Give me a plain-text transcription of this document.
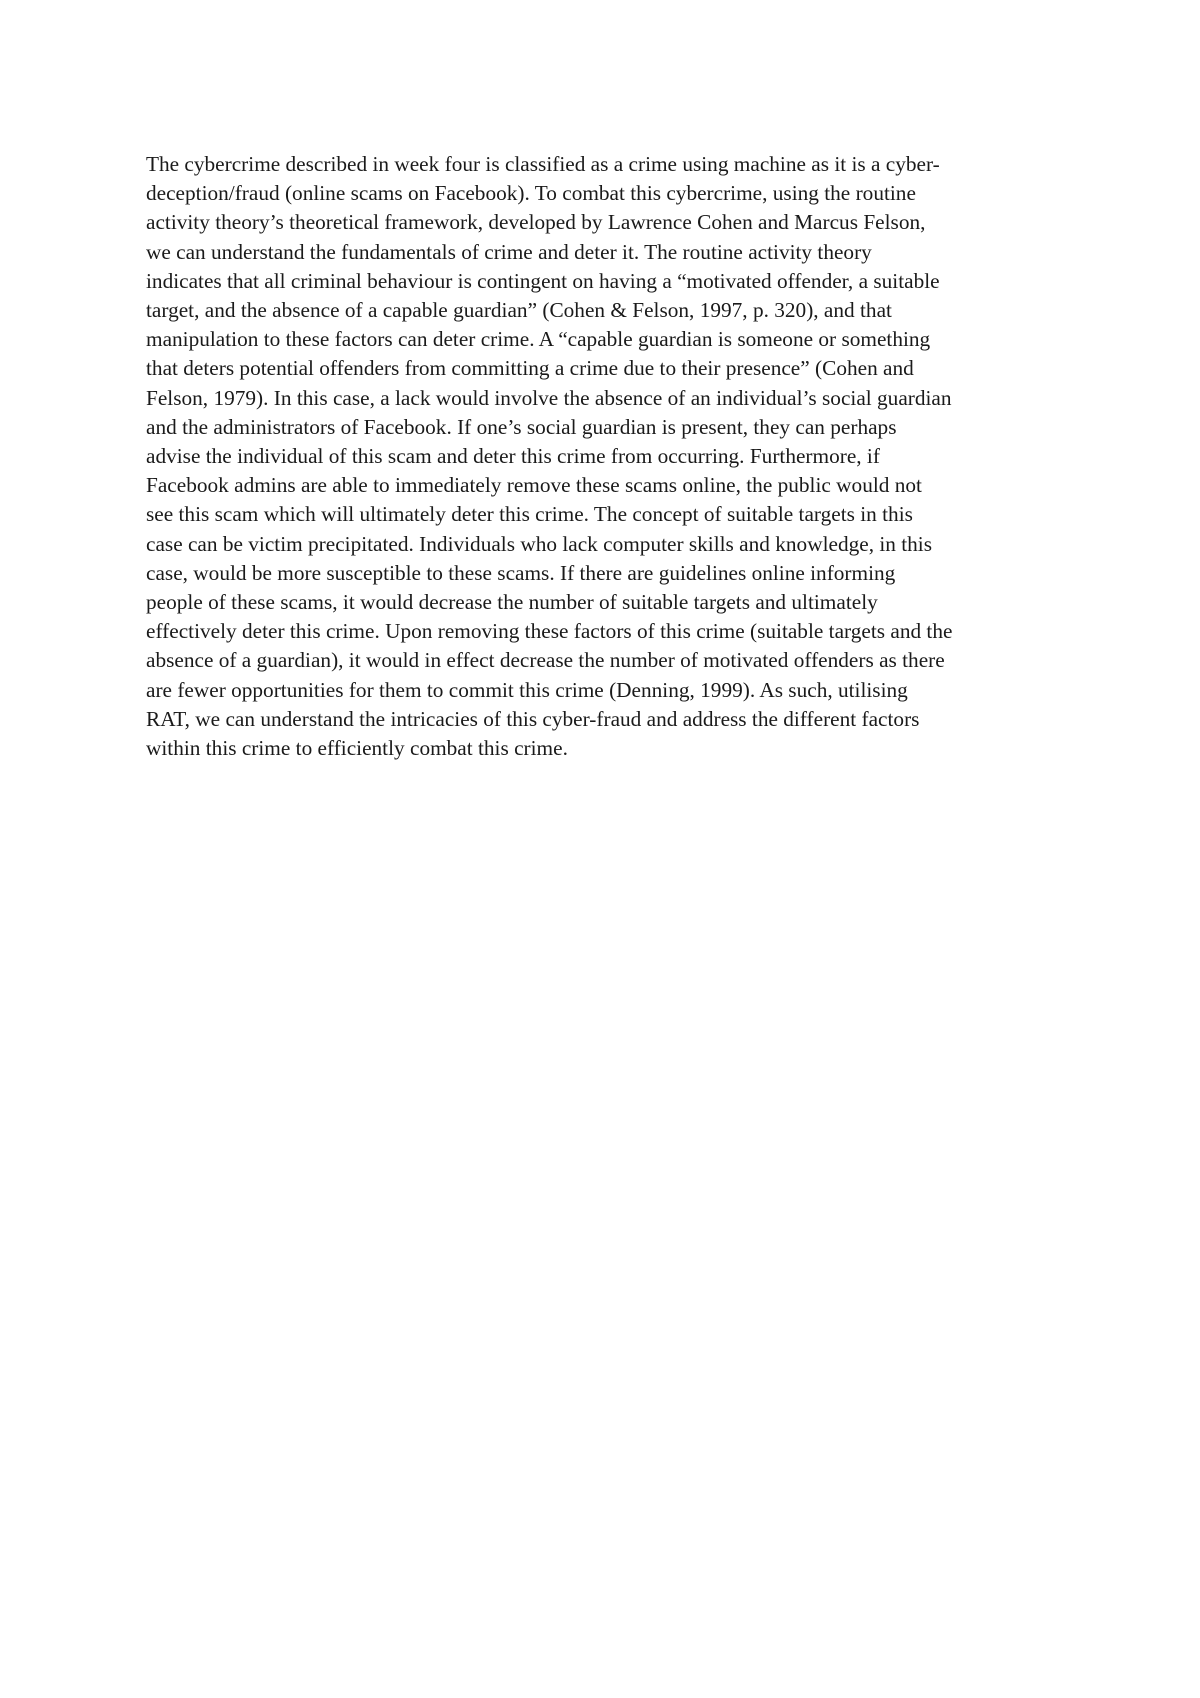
The cybercrime described in week four is classified as a crime using machine as it is a cyber-
deception/fraud (online scams on Facebook). To combat this cybercrime, using the routine
activity theory’s theoretical framework, developed by Lawrence Cohen and Marcus Felson,
we can understand the fundamentals of crime and deter it. The routine activity theory
indicates that all criminal behaviour is contingent on having a “motivated offender, a suitable
target, and the absence of a capable guardian” (Cohen & Felson, 1997, p. 320), and that
manipulation to these factors can deter crime. A “capable guardian is someone or something
that deters potential offenders from committing a crime due to their presence” (Cohen and
Felson, 1979). In this case, a lack would involve the absence of an individual’s social guardian
and the administrators of Facebook. If one’s social guardian is present, they can perhaps
advise the individual of this scam and deter this crime from occurring. Furthermore, if
Facebook admins are able to immediately remove these scams online, the public would not
see this scam which will ultimately deter this crime. The concept of suitable targets in this
case can be victim precipitated. Individuals who lack computer skills and knowledge, in this
case, would be more susceptible to these scams. If there are guidelines online informing
people of these scams, it would decrease the number of suitable targets and ultimately
effectively deter this crime. Upon removing these factors of this crime (suitable targets and the
absence of a guardian), it would in effect decrease the number of motivated offenders as there
are fewer opportunities for them to commit this crime (Denning, 1999). As such, utilising
RAT, we can understand the intricacies of this cyber-fraud and address the different factors
within this crime to efficiently combat this crime.
